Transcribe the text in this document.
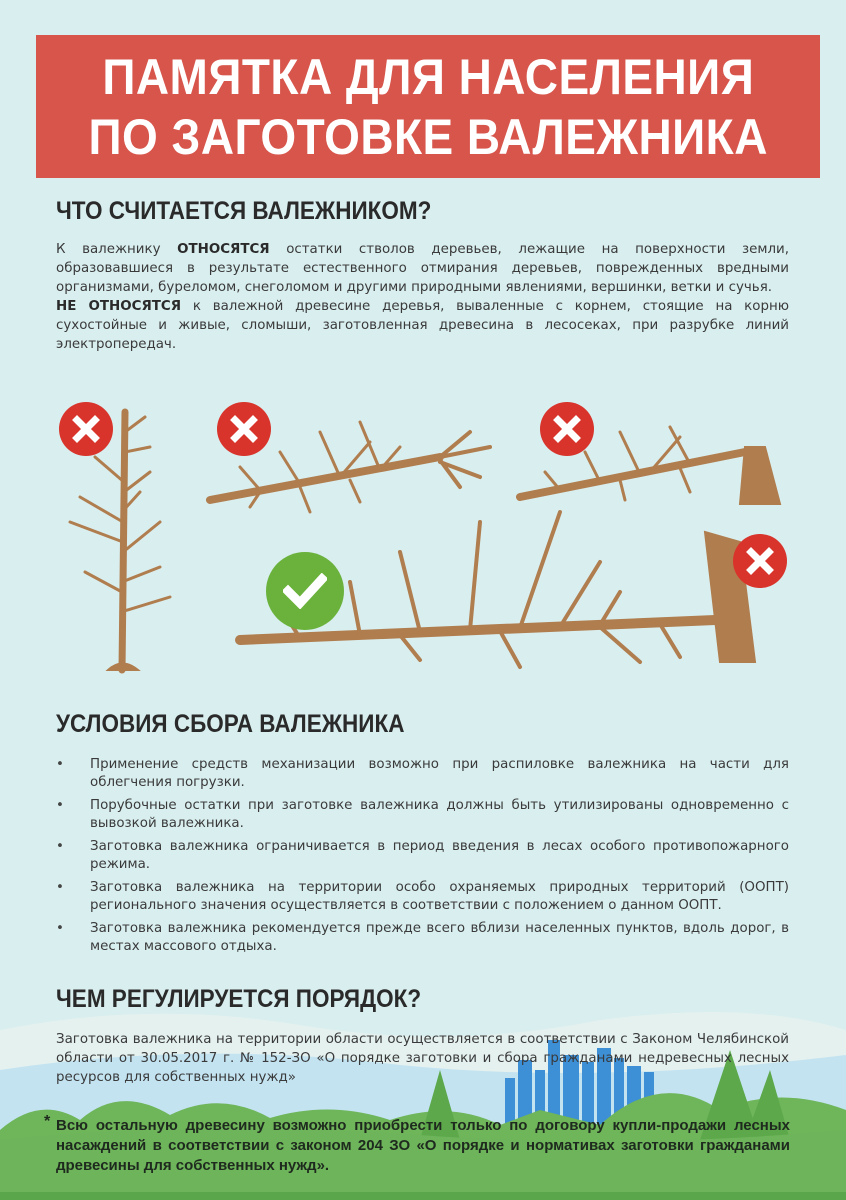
ПАМЯТКА ДЛЯ НАСЕЛЕНИЯ
ПО ЗАГОТОВКЕ ВАЛЕЖНИКА
ЧТО СЧИТАЕТСЯ ВАЛЕЖНИКОМ?
К валежнику ОТНОСЯТСЯ остатки стволов деревьев, лежащие на поверхности земли, образовавшиеся в результате естественного отмирания деревьев, поврежденных вредными организмами, буреломом, снеголомом и другими природными явлениями, вершинки, ветки и сучья.
НЕ ОТНОСЯТСЯ к валежной древесине деревья, вываленные с корнем, стоящие на корню сухостойные и живые, сломыши, заготовленная древесина в лесосеках, при разрубке линий электропередач.
УСЛОВИЯ СБОРА ВАЛЕЖНИКА
• Применение средств механизации возможно при распиловке валежника на части для облегчения погрузки.
• Порубочные остатки при заготовке валежника должны быть утилизированы одновременно с вывозкой валежника.
• Заготовка валежника ограничивается в период введения в лесах особого противопожарного режима.
• Заготовка валежника на территории особо охраняемых природных территорий (ООПТ) регионального значения осуществляется в соответствии с положением о данном ООПТ.
• Заготовка валежника рекомендуется прежде всего вблизи населенных пунктов, вдоль дорог, в местах массового отдыха.
ЧЕМ РЕГУЛИРУЕТСЯ ПОРЯДОК?
Заготовка валежника на территории области осуществляется в соответствии с Законом Челябинской области от 30.05.2017 г. № 152-ЗО «О порядке заготовки и сбора гражданами недревесных лесных ресурсов для собственных нужд»
* Всю остальную древесину возможно приобрести только по договору купли-продажи лесных насаждений в соответствии с законом 204 ЗО «О порядке и нормативах заготовки гражданами древесины для собственных нужд».
